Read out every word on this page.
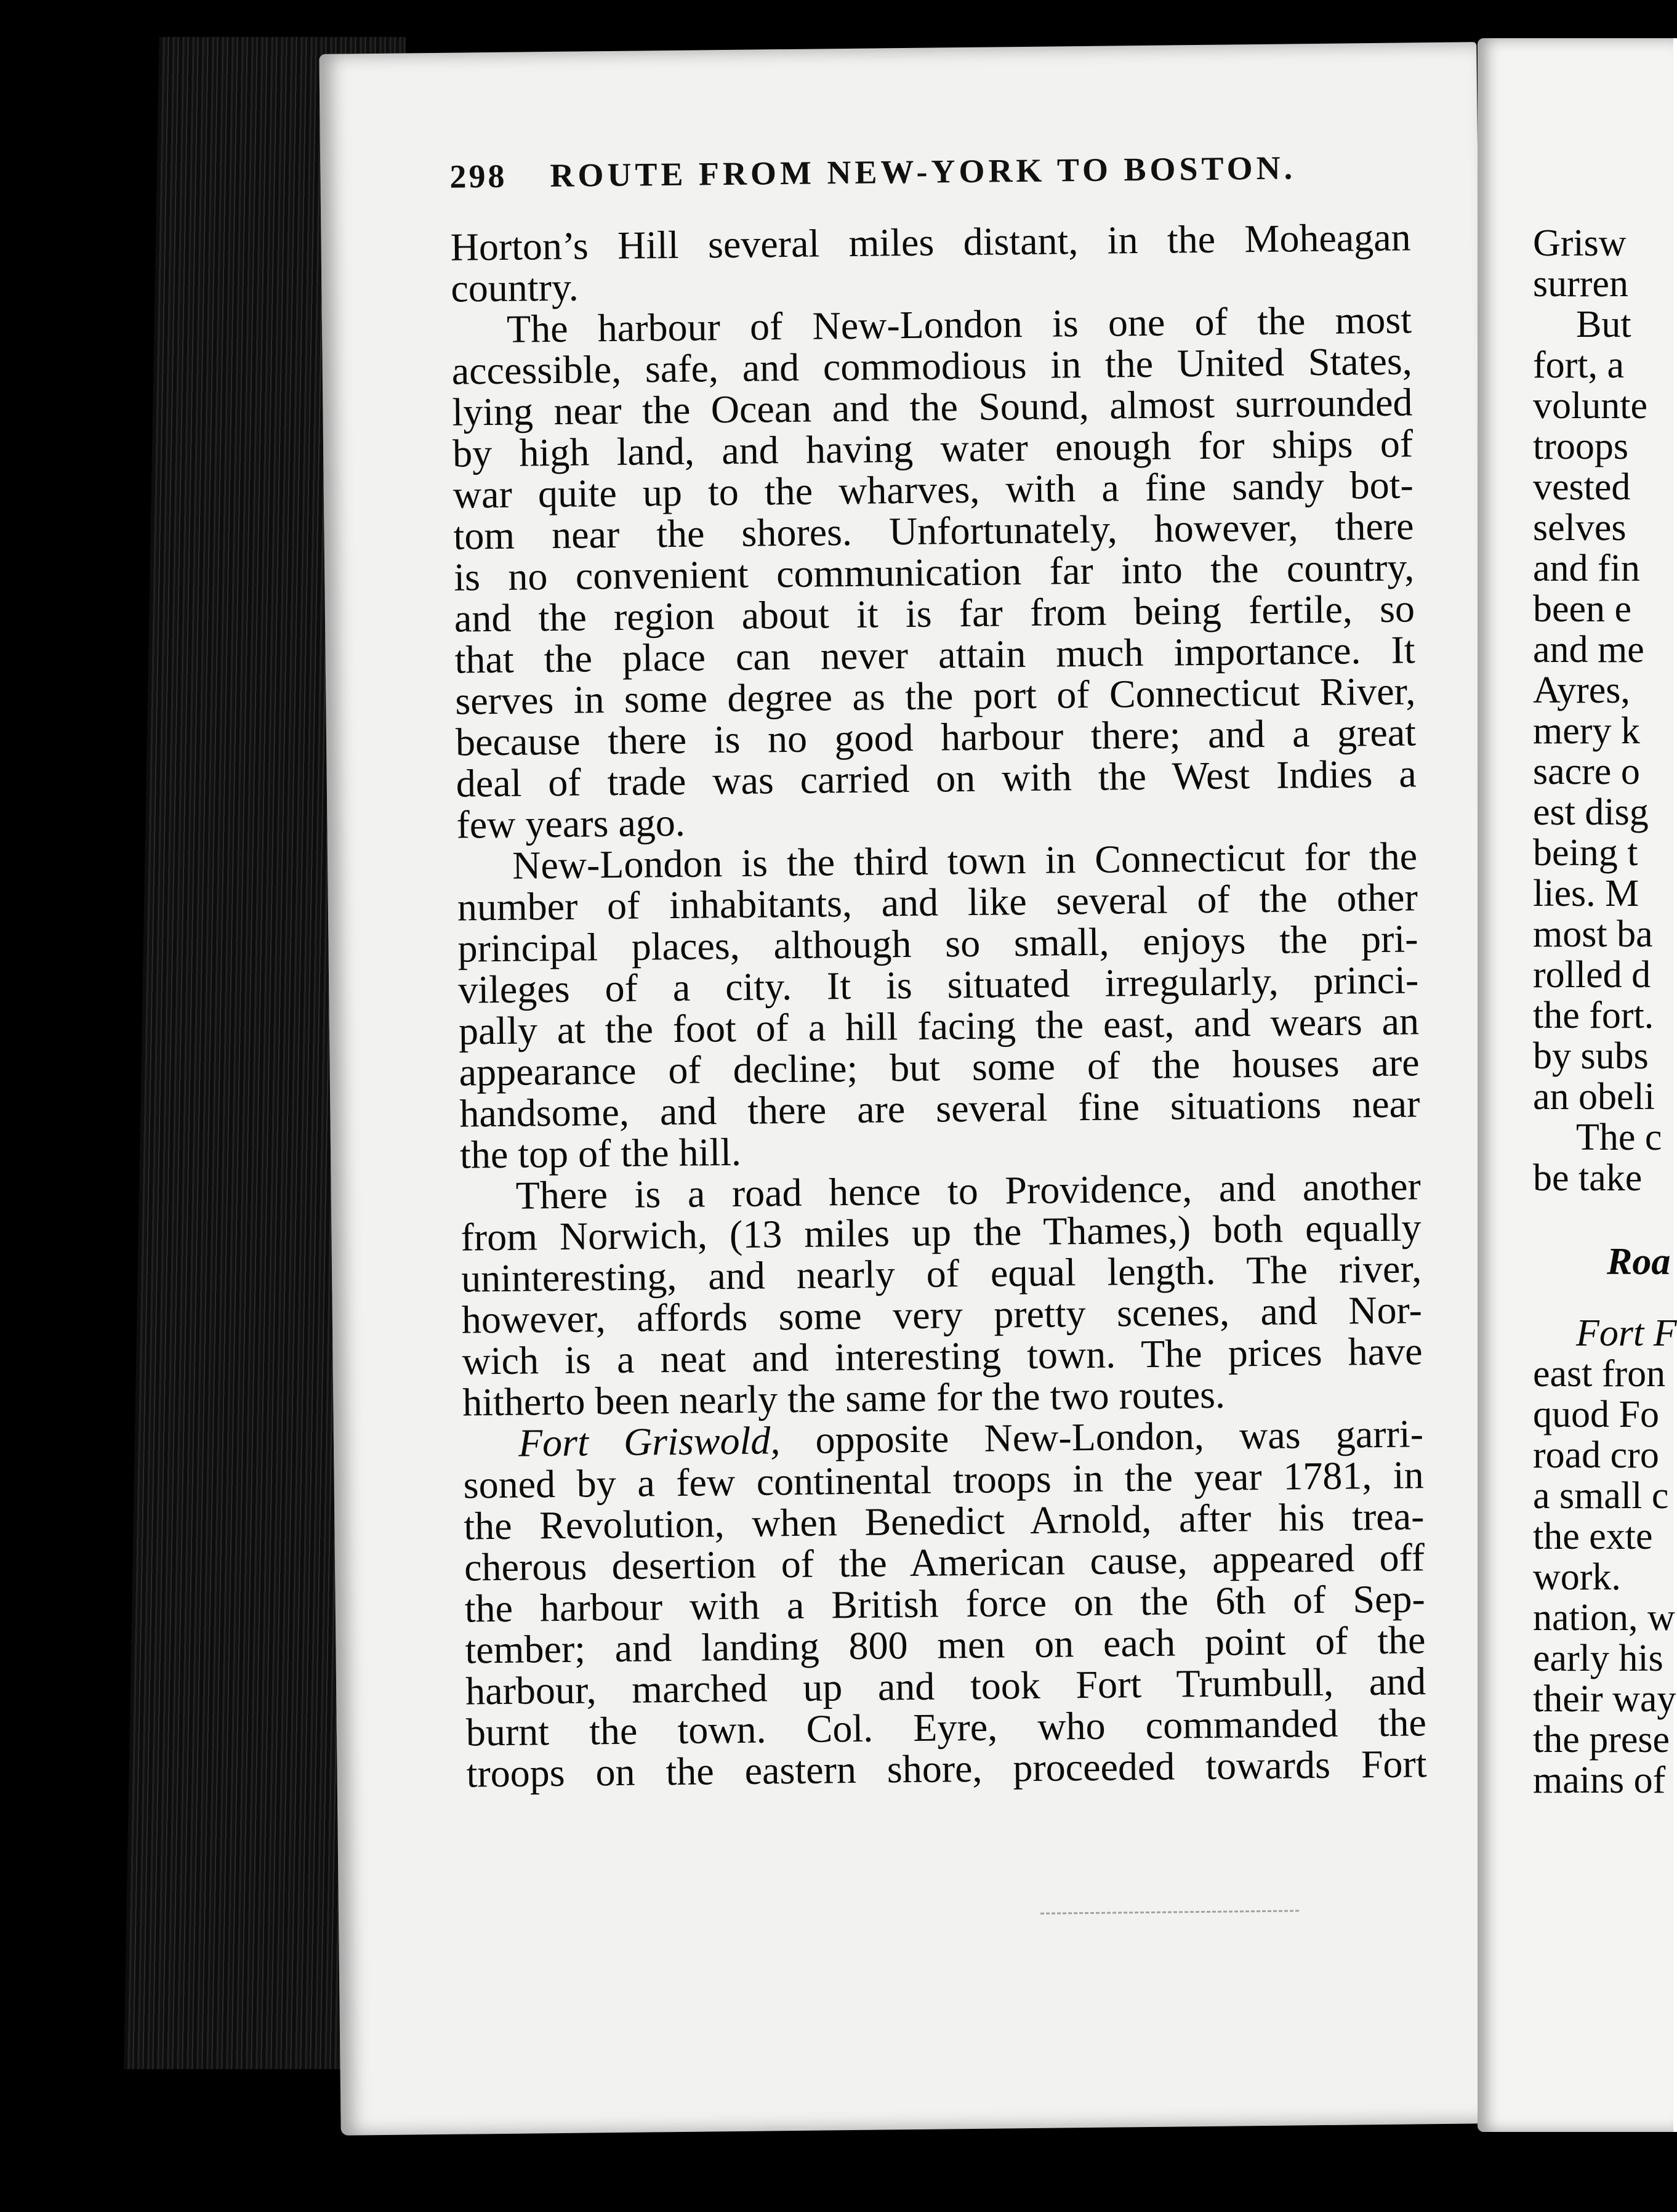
298 ROUTE FROM NEW-YORK TO BOSTON.
Horton’s Hill several miles distant, in the Moheagan
country.
The harbour of New-London is one of the most
accessible, safe, and commodious in the United States,
lying near the Ocean and the Sound, almost surrounded
by high land, and having water enough for ships of
war quite up to the wharves, with a fine sandy bot-
tom near the shores. Unfortunately, however, there
is no convenient communication far into the country,
and the region about it is far from being fertile, so
that the place can never attain much importance. It
serves in some degree as the port of Connecticut River,
because there is no good harbour there; and a great
deal of trade was carried on with the West Indies a
few years ago.
New-London is the third town in Connecticut for the
number of inhabitants, and like several of the other
principal places, although so small, enjoys the pri-
vileges of a city. It is situated irregularly, princi-
pally at the foot of a hill facing the east, and wears an
appearance of decline; but some of the houses are
handsome, and there are several fine situations near
the top of the hill.
There is a road hence to Providence, and another
from Norwich, (13 miles up the Thames,) both equally
uninteresting, and nearly of equal length. The river,
however, affords some very pretty scenes, and Nor-
wich is a neat and interesting town. The prices have
hitherto been nearly the same for the two routes.
Fort Griswold, opposite New-London, was garri-
soned by a few continental troops in the year 1781, in
the Revolution, when Benedict Arnold, after his trea-
cherous desertion of the American cause, appeared off
the harbour with a British force on the 6th of Sep-
tember; and landing 800 men on each point of the
harbour, marched up and took Fort Trumbull, and
burnt the town. Col. Eyre, who commanded the
troops on the eastern shore, proceeded towards Fort
Grisw
surren
But
fort, a
volunte
troops
vested
selves
and fin
been e
and me
Ayres,
mery k
sacre o
est disg
being t
lies. M
most ba
rolled d
the fort.
by subs
an obeli
The c
be take
Roa
Fort F
east fron
quod Fo
road cro
a small c
the exte
work.
nation, w
early his
their way
the prese
mains of
